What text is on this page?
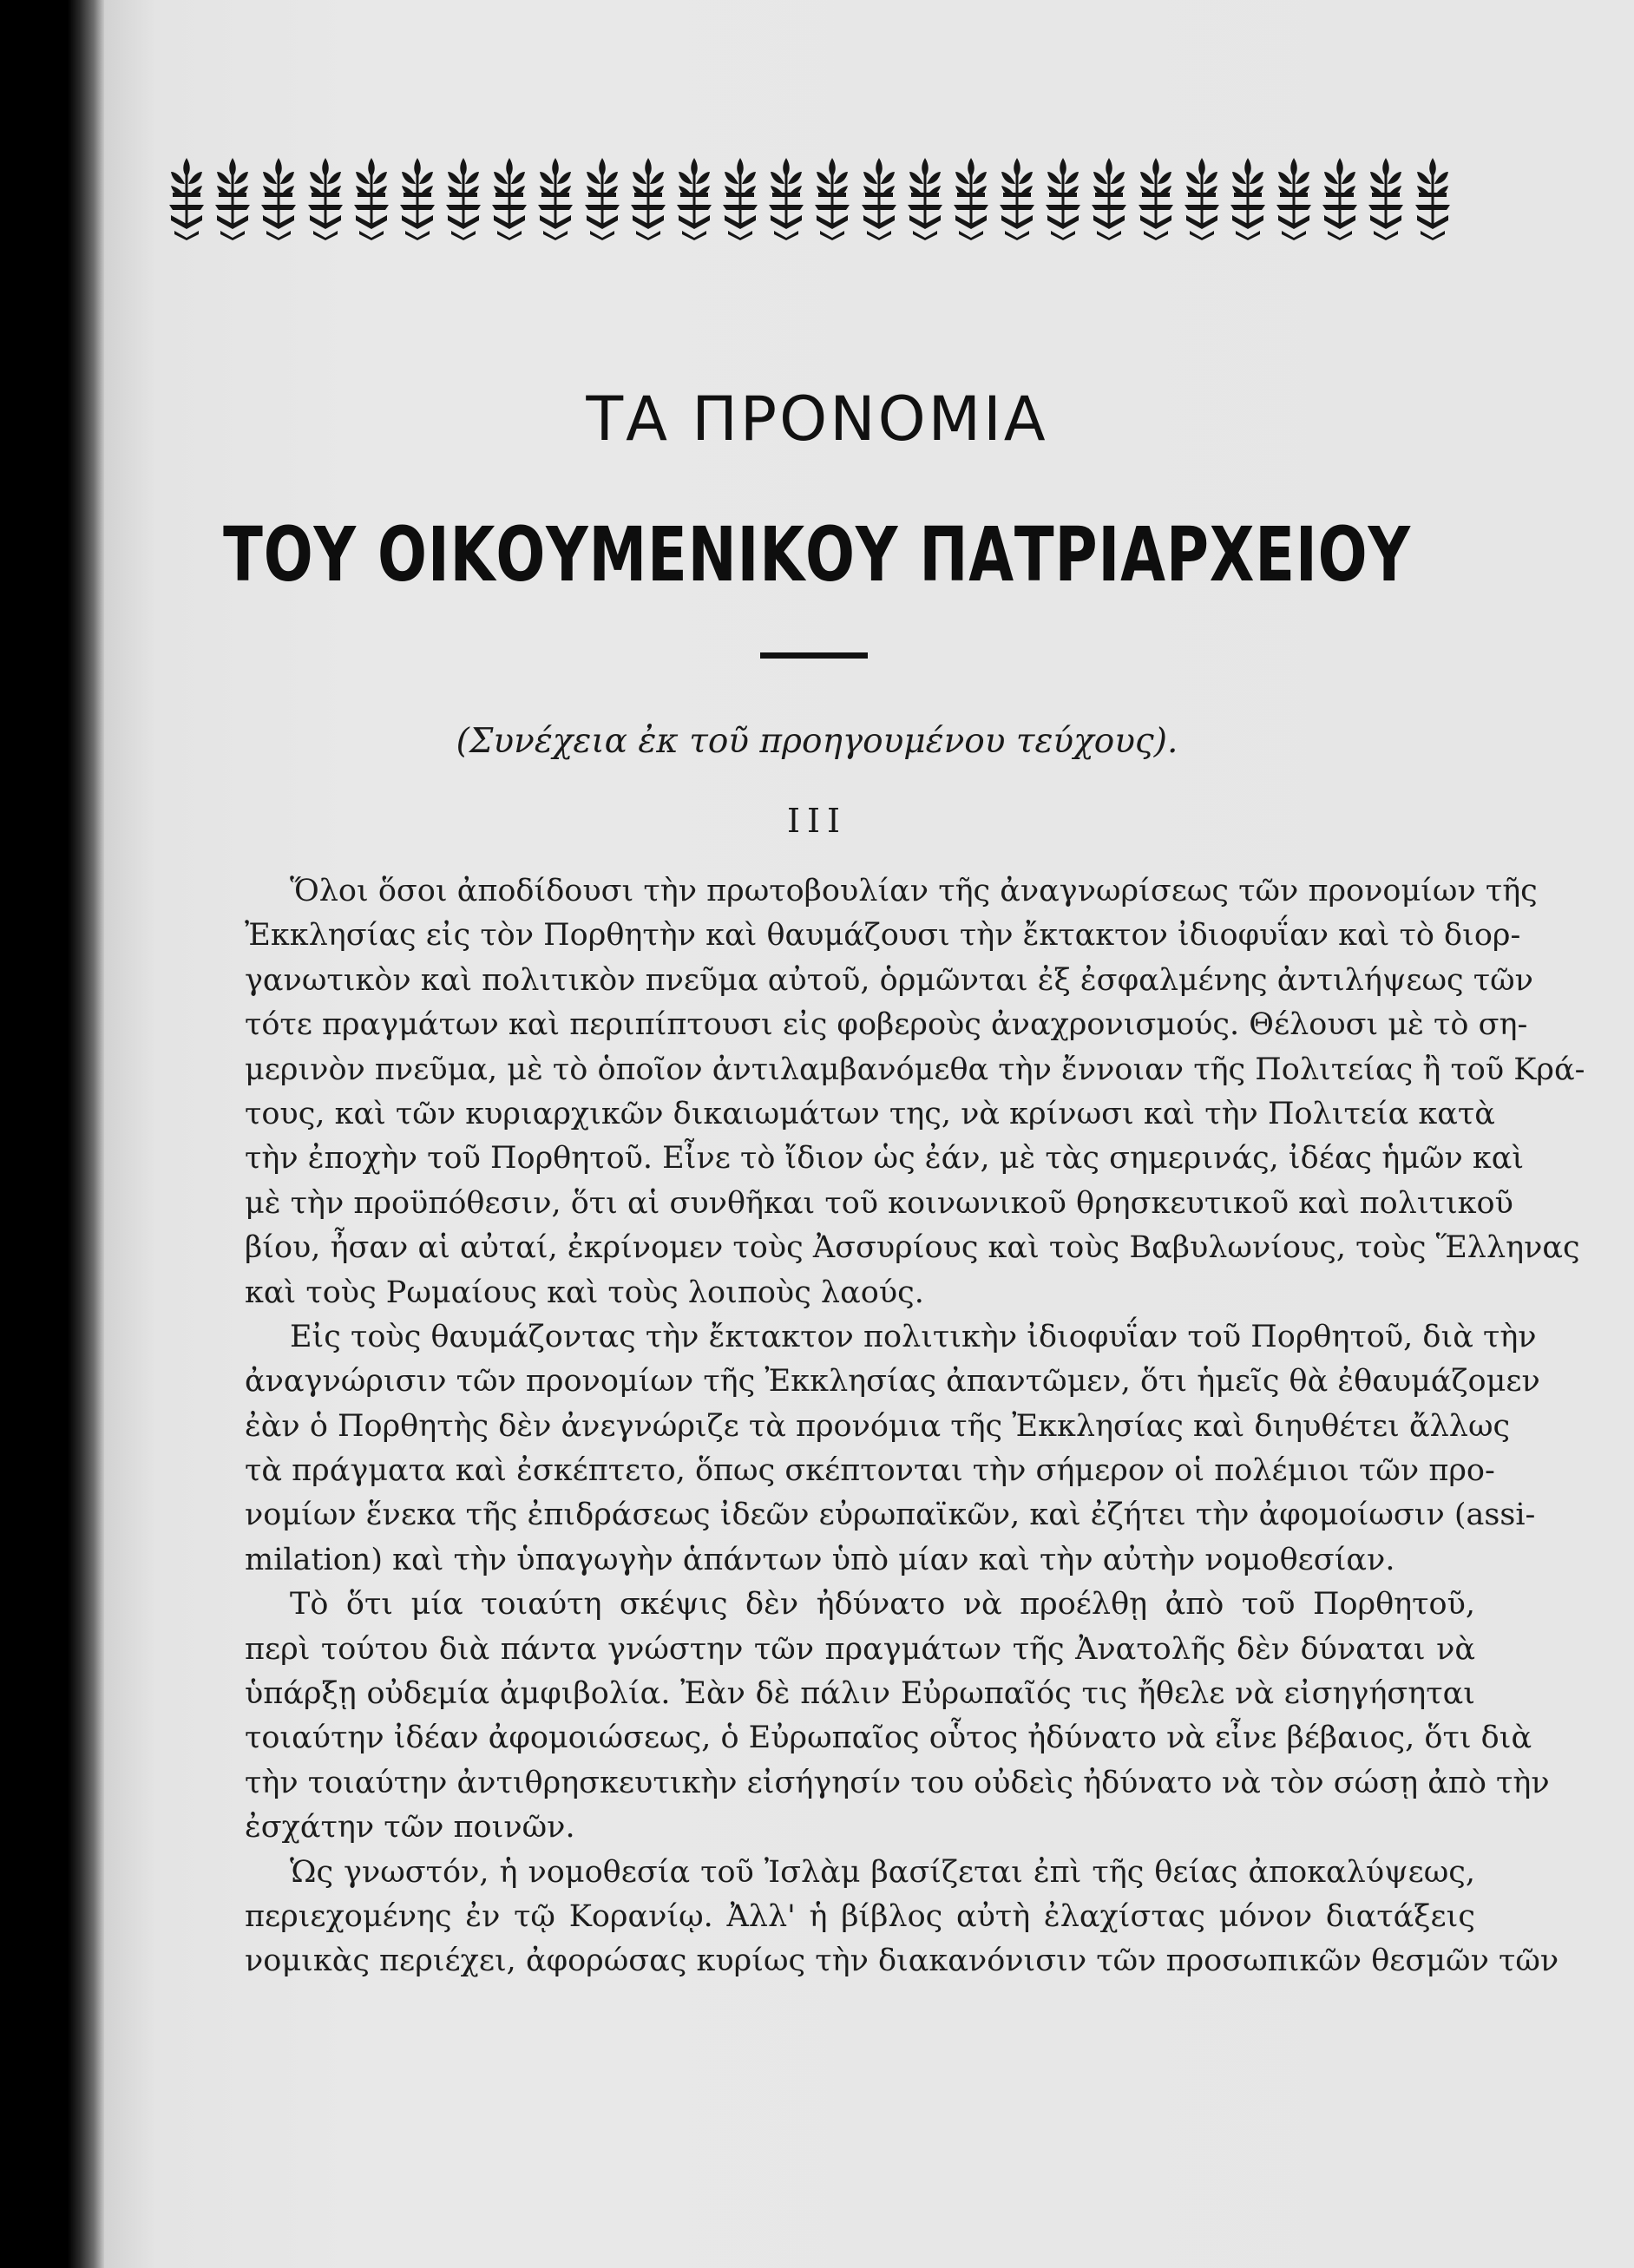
ΤΑ ΠΡΟΝΟΜΙΑ
ΤΟΥ ΟΙΚΟΥΜΕΝΙΚΟΥ ΠΑΤΡΙΑΡΧΕΙΟΥ
(Συνέχεια ἐκ τοῦ προηγουμένου τεύχους).
III
Ὅλοι ὅσοι ἀποδίδουσι τὴν πρωτοβουλίαν τῆς ἀναγνωρίσεως τῶν προνομίων τῆς
Ἐκκλησίας εἰς τὸν Πορθητὴν καὶ θαυμάζουσι τὴν ἔκτακτον ἰδιοφυΐαν καὶ τὸ διορ-
γανωτικὸν καὶ πολιτικὸν πνεῦμα αὐτοῦ, ὁρμῶνται ἐξ ἐσφαλμένης ἀντιλήψεως τῶν
τότε πραγμάτων καὶ περιπίπτουσι εἰς φοβεροὺς ἀναχρονισμούς. Θέλουσι μὲ τὸ ση-
μερινὸν πνεῦμα, μὲ τὸ ὁποῖον ἀντιλαμβανόμεθα τὴν ἔννοιαν τῆς Πολιτείας ἢ τοῦ Κρά-
τους, καὶ τῶν κυριαρχικῶν δικαιωμάτων της, νὰ κρίνωσι καὶ τὴν Πολιτεία κατὰ
τὴν ἐποχὴν τοῦ Πορθητοῦ. Εἶνε τὸ ἴδιον ὡς ἐάν, μὲ τὰς σημερινάς, ἰδέας ἡμῶν καὶ
μὲ τὴν προϋπόθεσιν, ὅτι αἱ συνθῆκαι τοῦ κοινωνικοῦ θρησκευτικοῦ καὶ πολιτικοῦ
βίου, ἦσαν αἱ αὐταί, ἐκρίνομεν τοὺς Ἀσσυρίους καὶ τοὺς Βαβυλωνίους, τοὺς Ἕλληνας
καὶ τοὺς Ρωμαίους καὶ τοὺς λοιποὺς λαούς.
Εἰς τοὺς θαυμάζοντας τὴν ἔκτακτον πολιτικὴν ἰδιοφυΐαν τοῦ Πορθητοῦ, διὰ τὴν
ἀναγνώρισιν τῶν προνομίων τῆς Ἐκκλησίας ἀπαντῶμεν, ὅτι ἡμεῖς θὰ ἐθαυμάζομεν
ἐὰν ὁ Πορθητὴς δὲν ἀνεγνώριζε τὰ προνόμια τῆς Ἐκκλησίας καὶ διηυθέτει ἄλλως
τὰ πράγματα καὶ ἐσκέπτετο, ὅπως σκέπτονται τὴν σήμερον οἱ πολέμιοι τῶν προ-
νομίων ἕνεκα τῆς ἐπιδράσεως ἰδεῶν εὐρωπαϊκῶν, καὶ ἐζήτει τὴν ἀφομοίωσιν (assi-
milation) καὶ τὴν ὑπαγωγὴν ἁπάντων ὑπὸ μίαν καὶ τὴν αὐτὴν νομοθεσίαν.
Τὸ ὅτι μία τοιαύτη σκέψις δὲν ἠδύνατο νὰ προέλθῃ ἀπὸ τοῦ Πορθητοῦ,
περὶ τούτου διὰ πάντα γνώστην τῶν πραγμάτων τῆς Ἀνατολῆς δὲν δύναται νὰ
ὑπάρξῃ οὐδεμία ἀμφιβολία. Ἐὰν δὲ πάλιν Εὐρωπαῖός τις ἤθελε νὰ εἰσηγήσηται
τοιαύτην ἰδέαν ἀφομοιώσεως, ὁ Εὐρωπαῖος οὗτος ἠδύνατο νὰ εἶνε βέβαιος, ὅτι διὰ
τὴν τοιαύτην ἀντιθρησκευτικὴν εἰσήγησίν του οὐδεὶς ἠδύνατο νὰ τὸν σώσῃ ἀπὸ τὴν
ἐσχάτην τῶν ποινῶν.
Ὡς γνωστόν, ἡ νομοθεσία τοῦ Ἰσλὰμ βασίζεται ἐπὶ τῆς θείας ἀποκαλύψεως,
περιεχομένης ἐν τῷ Κορανίῳ. Ἀλλ' ἡ βίβλος αὐτὴ ἐλαχίστας μόνον διατάξεις
νομικὰς περιέχει, ἀφορώσας κυρίως τὴν διακανόνισιν τῶν προσωπικῶν θεσμῶν τῶν
